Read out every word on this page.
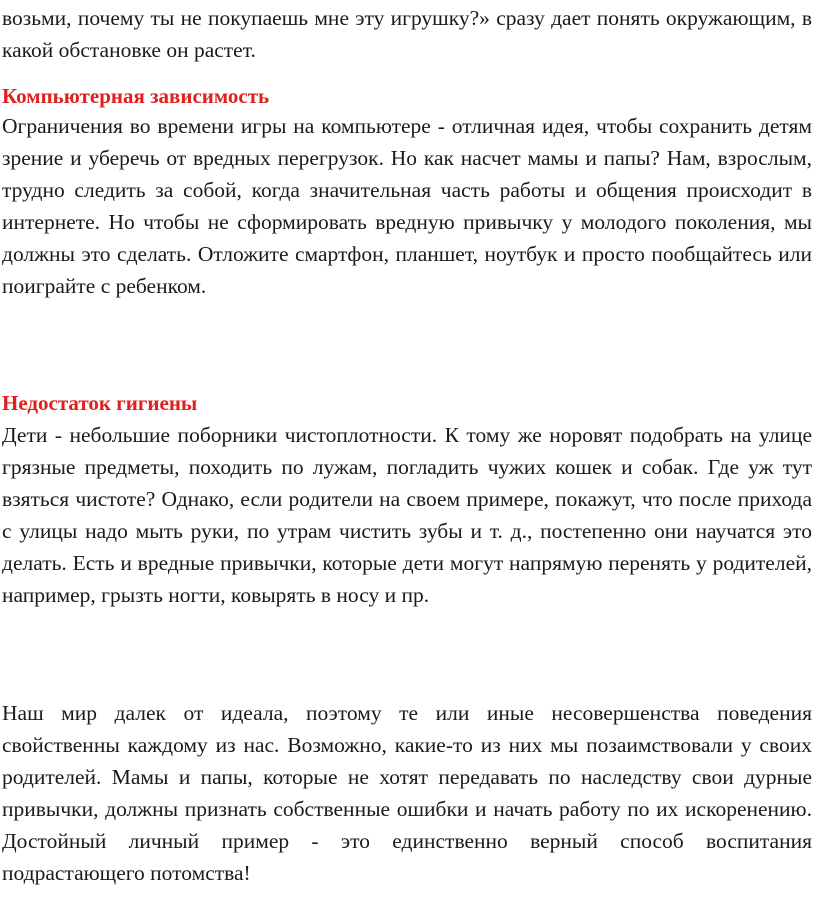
возьми, почему ты не покупаешь мне эту игрушку?» сразу дает понять окружающим, в какой обстановке он растет.

Компьютерная зависимость

Ограничения во времени игры на компьютере - отличная идея, чтобы сохранить детям зрение и уберечь от вредных перегрузок. Но как насчет мамы и папы? Нам, взрослым, трудно следить за собой, когда значительная часть работы и общения происходит в интернете. Но чтобы не сформировать вредную привычку у молодого поколения, мы должны это сделать. Отложите смартфон, планшет, ноутбук и просто пообщайтесь или поиграйте с ребенком.

Недостаток гигиены

Дети - небольшие поборники чистоплотности. К тому же норовят подобрать на улице грязные предметы, походить по лужам, погладить чужих кошек и собак. Где уж тут взяться чистоте? Однако, если родители на своем примере, покажут, что после прихода с улицы надо мыть руки, по утрам чистить зубы и т. д., постепенно они научатся это делать. Есть и вредные привычки, которые дети могут напрямую перенять у родителей, например, грызть ногти, ковырять в носу и пр.

Наш мир далек от идеала, поэтому те или иные несовершенства поведения свойственны каждому из нас. Возможно, какие-то из них мы позаимствовали у своих родителей. Мамы и папы, которые не хотят передавать по наследству свои дурные привычки, должны признать собственные ошибки и начать работу по их искоренению. Достойный личный пример - это единственно верный способ воспитания подрастающего потомства!
